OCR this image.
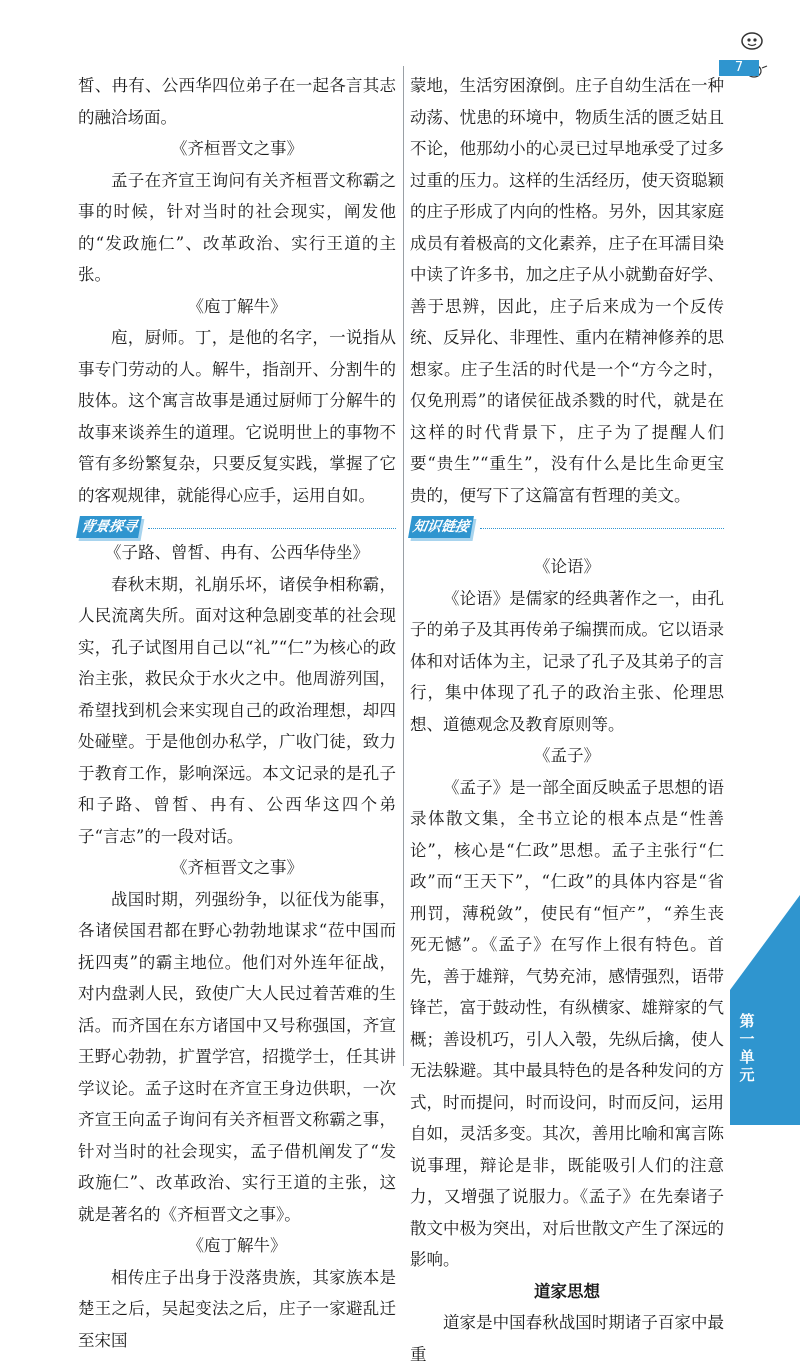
皙、冉有、公西华四位弟子在一起各言其志的融洽场面。

《齐桓晋文之事》

孟子在齐宣王询问有关齐桓晋文称霸之事的时候，针对当时的社会现实，阐发他的“发政施仁”、改革政治、实行王道的主张。

《庖丁解牛》

庖，厨师。丁，是他的名字，一说指从事专门劳动的人。解牛，指剖开、分割牛的肢体。这个寓言故事是通过厨师丁分解牛的故事来谈养生的道理。它说明世上的事物不管有多纷繁复杂，只要反复实践，掌握了它的客观规律，就能得心应手，运用自如。

背景探寻
《子路、曾皙、冉有、公西华侍坐》

春秋末期，礼崩乐坏，诸侯争相称霸，人民流离失所。面对这种急剧变革的社会现实，孔子试图用自己以“礼”“仁”为核心的政治主张，救民众于水火之中。他周游列国，希望找到机会来实现自己的政治理想，却四处碰壁。于是他创办私学，广收门徒，致力于教育工作，影响深远。本文记录的是孔子和子路、曾皙、冉有、公西华这四个弟子“言志”的一段对话。

《齐桓晋文之事》

战国时期，列强纷争，以征伐为能事，各诸侯国君都在野心勃勃地谋求“莅中国而抚四夷”的霸主地位。他们对外连年征战，对内盘剥人民，致使广大人民过着苦难的生活。而齐国在东方诸国中又号称强国，齐宣王野心勃勃，扩置学宫，招揽学士，任其讲学议论。孟子这时在齐宣王身边供职，一次齐宣王向孟子询问有关齐桓晋文称霸之事，针对当时的社会现实，孟子借机阐发了“发政施仁”、改革政治、实行王道的主张，这就是著名的《齐桓晋文之事》。

《庖丁解牛》

相传庄子出身于没落贵族，其家族本是楚王之后，吴起变法之后，庄子一家避乱迁至宋国

蒙地，生活穷困潦倒。庄子自幼生活在一种动荡、忧患的环境中，物质生活的匮乏姑且不论，他那幼小的心灵已过早地承受了过多过重的压力。这样的生活经历，使天资聪颖的庄子形成了内向的性格。另外，因其家庭成员有着极高的文化素养，庄子在耳濡目染中读了许多书，加之庄子从小就勤奋好学、善于思辨，因此，庄子后来成为一个反传统、反异化、非理性、重内在精神修养的思想家。庄子生活的时代是一个“方今之时，仅免刑焉”的诸侯征战杀戮的时代，就是在这样的时代背景下，庄子为了提醒人们要“贵生”“重生”，没有什么是比生命更宝贵的，便写下了这篇富有哲理的美文。

知识链接
《论语》

《论语》是儒家的经典著作之一，由孔子的弟子及其再传弟子编撰而成。它以语录体和对话体为主，记录了孔子及其弟子的言行，集中体现了孔子的政治主张、伦理思想、道德观念及教育原则等。

《孟子》

《孟子》是一部全面反映孟子思想的语录体散文集，全书立论的根本点是“性善论”，核心是“仁政”思想。孟子主张行“仁政”而“王天下”，“仁政”的具体内容是“省刑罚，薄税敛”，使民有“恒产”，“养生丧死无憾”。《孟子》在写作上很有特色。首先，善于雄辩，气势充沛，感情强烈，语带锋芒，富于鼓动性，有纵横家、雄辩家的气概；善设机巧，引人入彀，先纵后擒，使人无法躲避。其中最具特色的是各种发问的方式，时而提问，时而设问，时而反问，运用自如，灵活多变。其次，善用比喻和寓言陈说事理，辩论是非，既能吸引人们的注意力，又增强了说服力。《孟子》在先秦诸子散文中极为突出，对后世散文产生了深远的影响。

道家思想

道家是中国春秋战国时期诸子百家中最重

7
第一单元
